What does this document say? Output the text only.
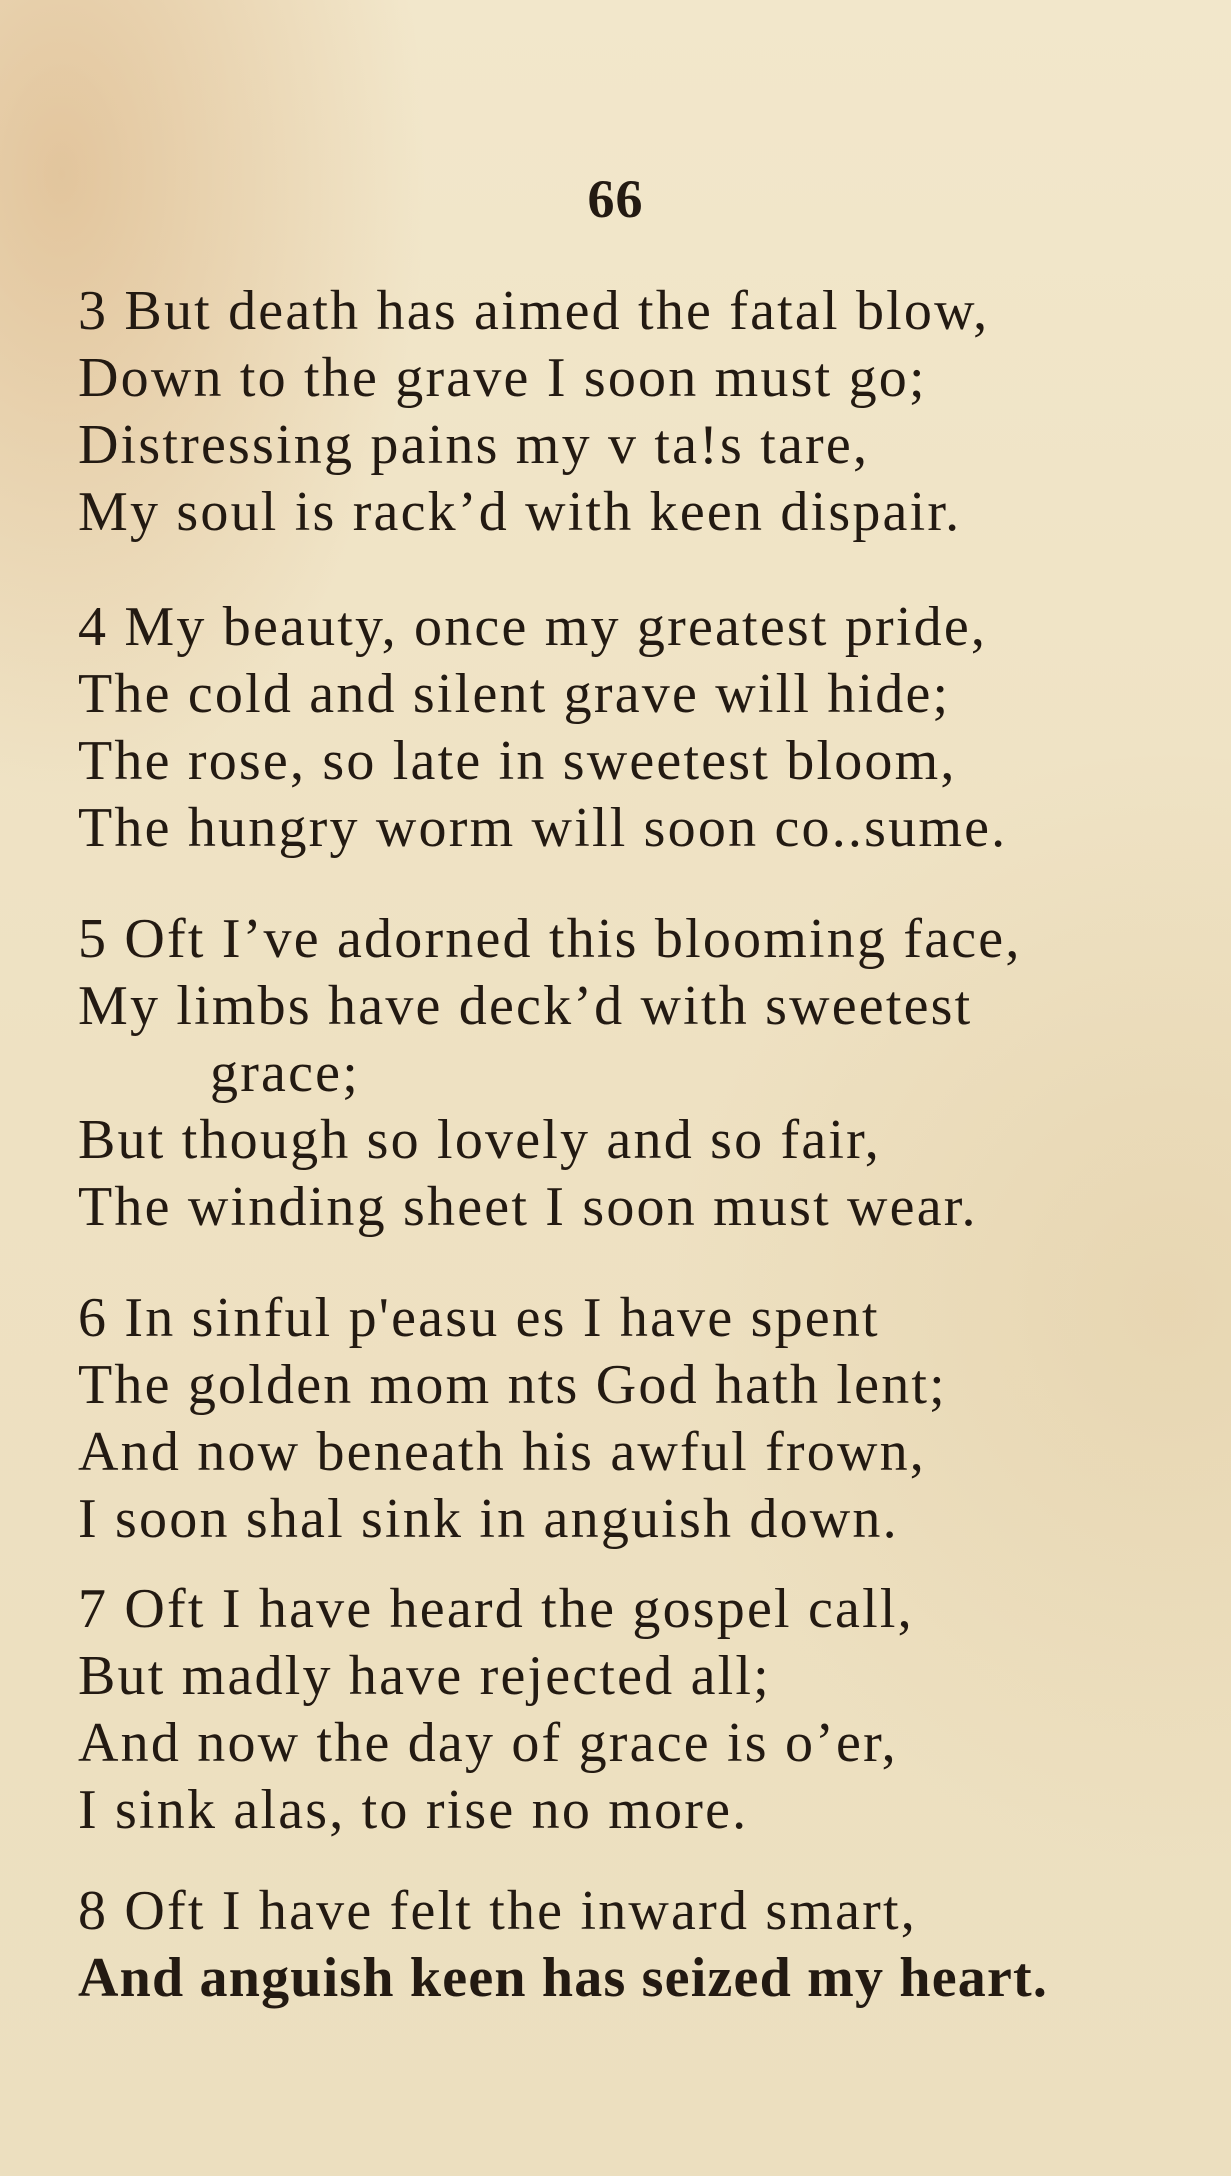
66
3 But death has aimed the fatal blow,
Down to the grave I soon must go;
Distressing pains my v ta!s tare,
My soul is rack’d with keen dispair.
4 My beauty, once my greatest pride,
The cold and silent grave will hide;
The rose, so late in sweetest bloom,
The hungry worm will soon co..sume.
5 Oft I’ve adorned this blooming face,
My limbs have deck’d with sweetest
grace;
But though so lovely and so fair,
The winding sheet I soon must wear.
6 In sinful p'easu es I have spent
The golden mom nts God hath lent;
And now beneath his awful frown,
I soon shal sink in anguish down.
7 Oft I have heard the gospel call,
But madly have rejected all;
And now the day of grace is o’er,
I sink alas, to rise no more.
8 Oft I have felt the inward smart,
And anguish keen has seized my heart.
